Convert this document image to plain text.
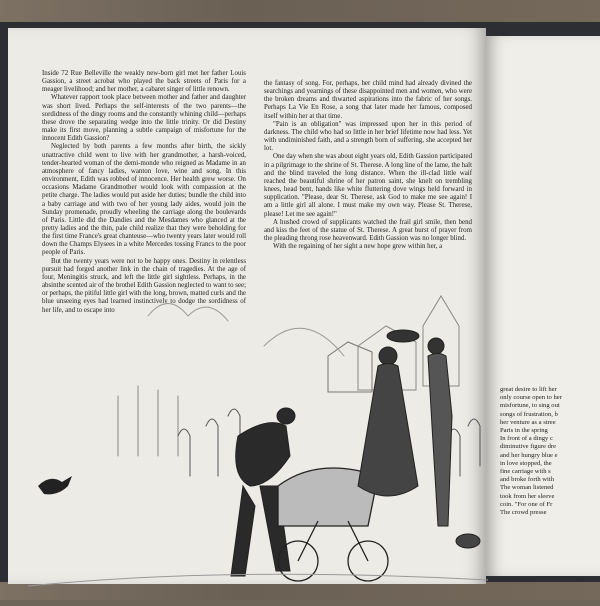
Inside 72 Rue Belleville the weakly new-born girl met her father Louis Gassion, a street acrobat who played the back streets of Paris for a meager livelihood; and her mother, a cabaret singer of little renown.

Whatever rapport took place between mother and father and daughter was short lived. Perhaps the self-interests of the two parents—the sordidness of the dingy rooms and the constantly whining child—perhaps these drove the separating wedge into the little trinity. Or did Destiny make its first move, planning a subtle campaign of misfortune for the innocent Edith Gassion?

Neglected by both parents a few months after birth, the sickly unattractive child went to live with her grandmother, a harsh-voiced, tender-hearted woman of the demi-monde who reigned as Madame in an atmosphere of fancy ladies, wanton love, wine and song. In this environment, Edith was robbed of innocence. Her health grew worse. On occasions Madame Grandmother would look with compassion at the petite charge. The ladies would put aside her duties; bundle the child into a baby carriage and with two of her young lady aides, would join the Sunday promenade, proudly wheeling the carriage along the boulevards of Paris. Little did the Dandies and the Mesdames who glanced at the pretty ladies and the thin, pale child realize that they were beholding for the first time France's great chanteuse—who twenty years later would roll down the Champs Elysees in a white Mercedes tossing Francs to the poor people of Paris.

But the twenty years were not to be happy ones. Destiny in relentless pursuit had forged another link in the chain of tragedies. At the age of four, Meningitis struck, and left the little girl sightless. Perhaps, in the absinthe scented air of the brothel Edith Gassion neglected to want to see; or perhaps, the pitiful little girl with the long, brown, matted curls and the blue unseeing eyes had learned instinctively to dodge the sordidness of her life, and to escape into

the fantasy of song. For, perhaps, her child mind had already divined the searchings and yearnings of these disappointed men and women, who were the broken dreams and thwarted aspirations into the fabric of her songs. Perhaps La Vie En Rose, a song that later made her famous, composed itself within her at that time.

"Pain is an obligation" was impressed upon her in this period of darkness. The child who had so little in her brief lifetime now had less. Yet with undiminished faith, and a strength born of suffering, she accepted her lot.

One day when she was about eight years old, Edith Gassion participated in a pilgrimage to the shrine of St. Therese. A long line of the lame, the halt and the blind traveled the long distance. When the ill-clad little waif reached the beautiful shrine of her patron saint, she knelt on trembling knees, head bent, hands like white fluttering dove wings held forward in supplication. "Please, dear St. Therese, ask God to make me see again! I am a little girl all alone. I must make my own way. Please St. Therese, please! Let me see again!"

A hushed crowd of supplicants watched the frail girl smile, then bend and kiss the feet of the statue of St. Therese. A great burst of prayer from the pleading throng rose heavenward. Edith Gassion was no longer blind.

With the regaining of her sight a new hope grew within her, a

great desire to lift her

only course open to her

misfortune, to sing out

songs of frustration, b

her venture as a stree

Paris in the spring

In front of a dingy c

diminutive figure dre

and her hungry blue e

in love stopped, the

fine carriage with s

and broke forth with

The woman listened

took from her sleeve

coin. "For one of Fr

The crowd presse
